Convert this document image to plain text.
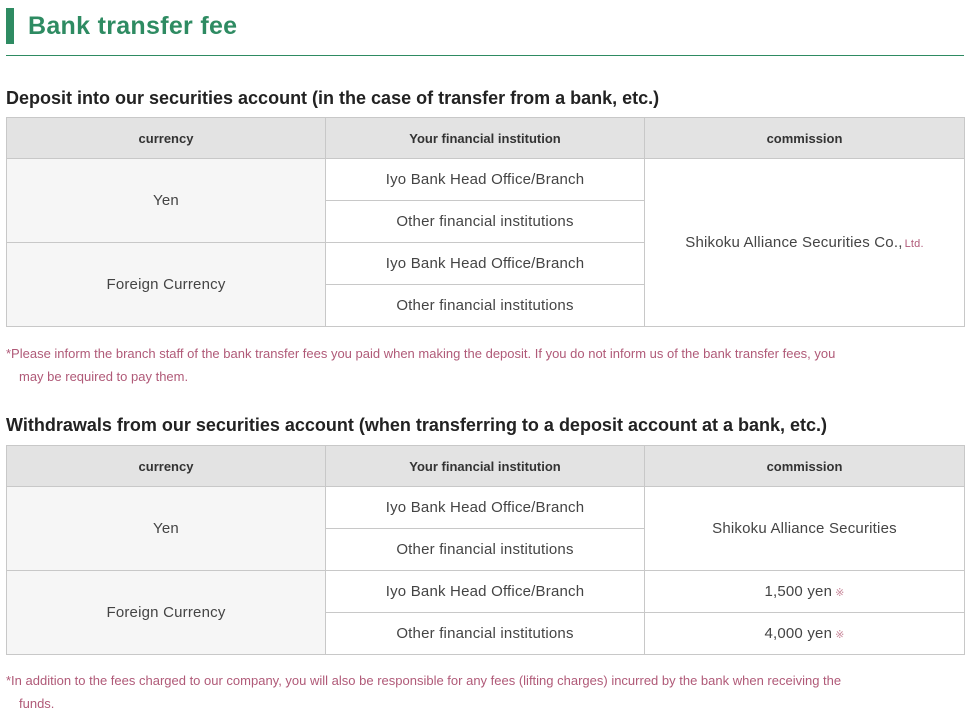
Bank transfer fee
Deposit into our securities account (in the case of transfer from a bank, etc.)
currency	Your financial institution	commission
Yen	Iyo Bank Head Office/Branch	Shikoku Alliance Securities Co., Ltd.
	Other financial institutions	
Foreign Currency	Iyo Bank Head Office/Branch	
	Other financial institutions	
*Please inform the branch staff of the bank transfer fees you paid when making the deposit. If you do not inform us of the bank transfer fees, you
may be required to pay them.
Withdrawals from our securities account (when transferring to a deposit account at a bank, etc.)
currency	Your financial institution	commission
Yen	Iyo Bank Head Office/Branch	Shikoku Alliance Securities
	Other financial institutions	
Foreign Currency	Iyo Bank Head Office/Branch	1,500 yen ※
	Other financial institutions	4,000 yen ※
*In addition to the fees charged to our company, you will also be responsible for any fees (lifting charges) incurred by the bank when receiving the
funds.
